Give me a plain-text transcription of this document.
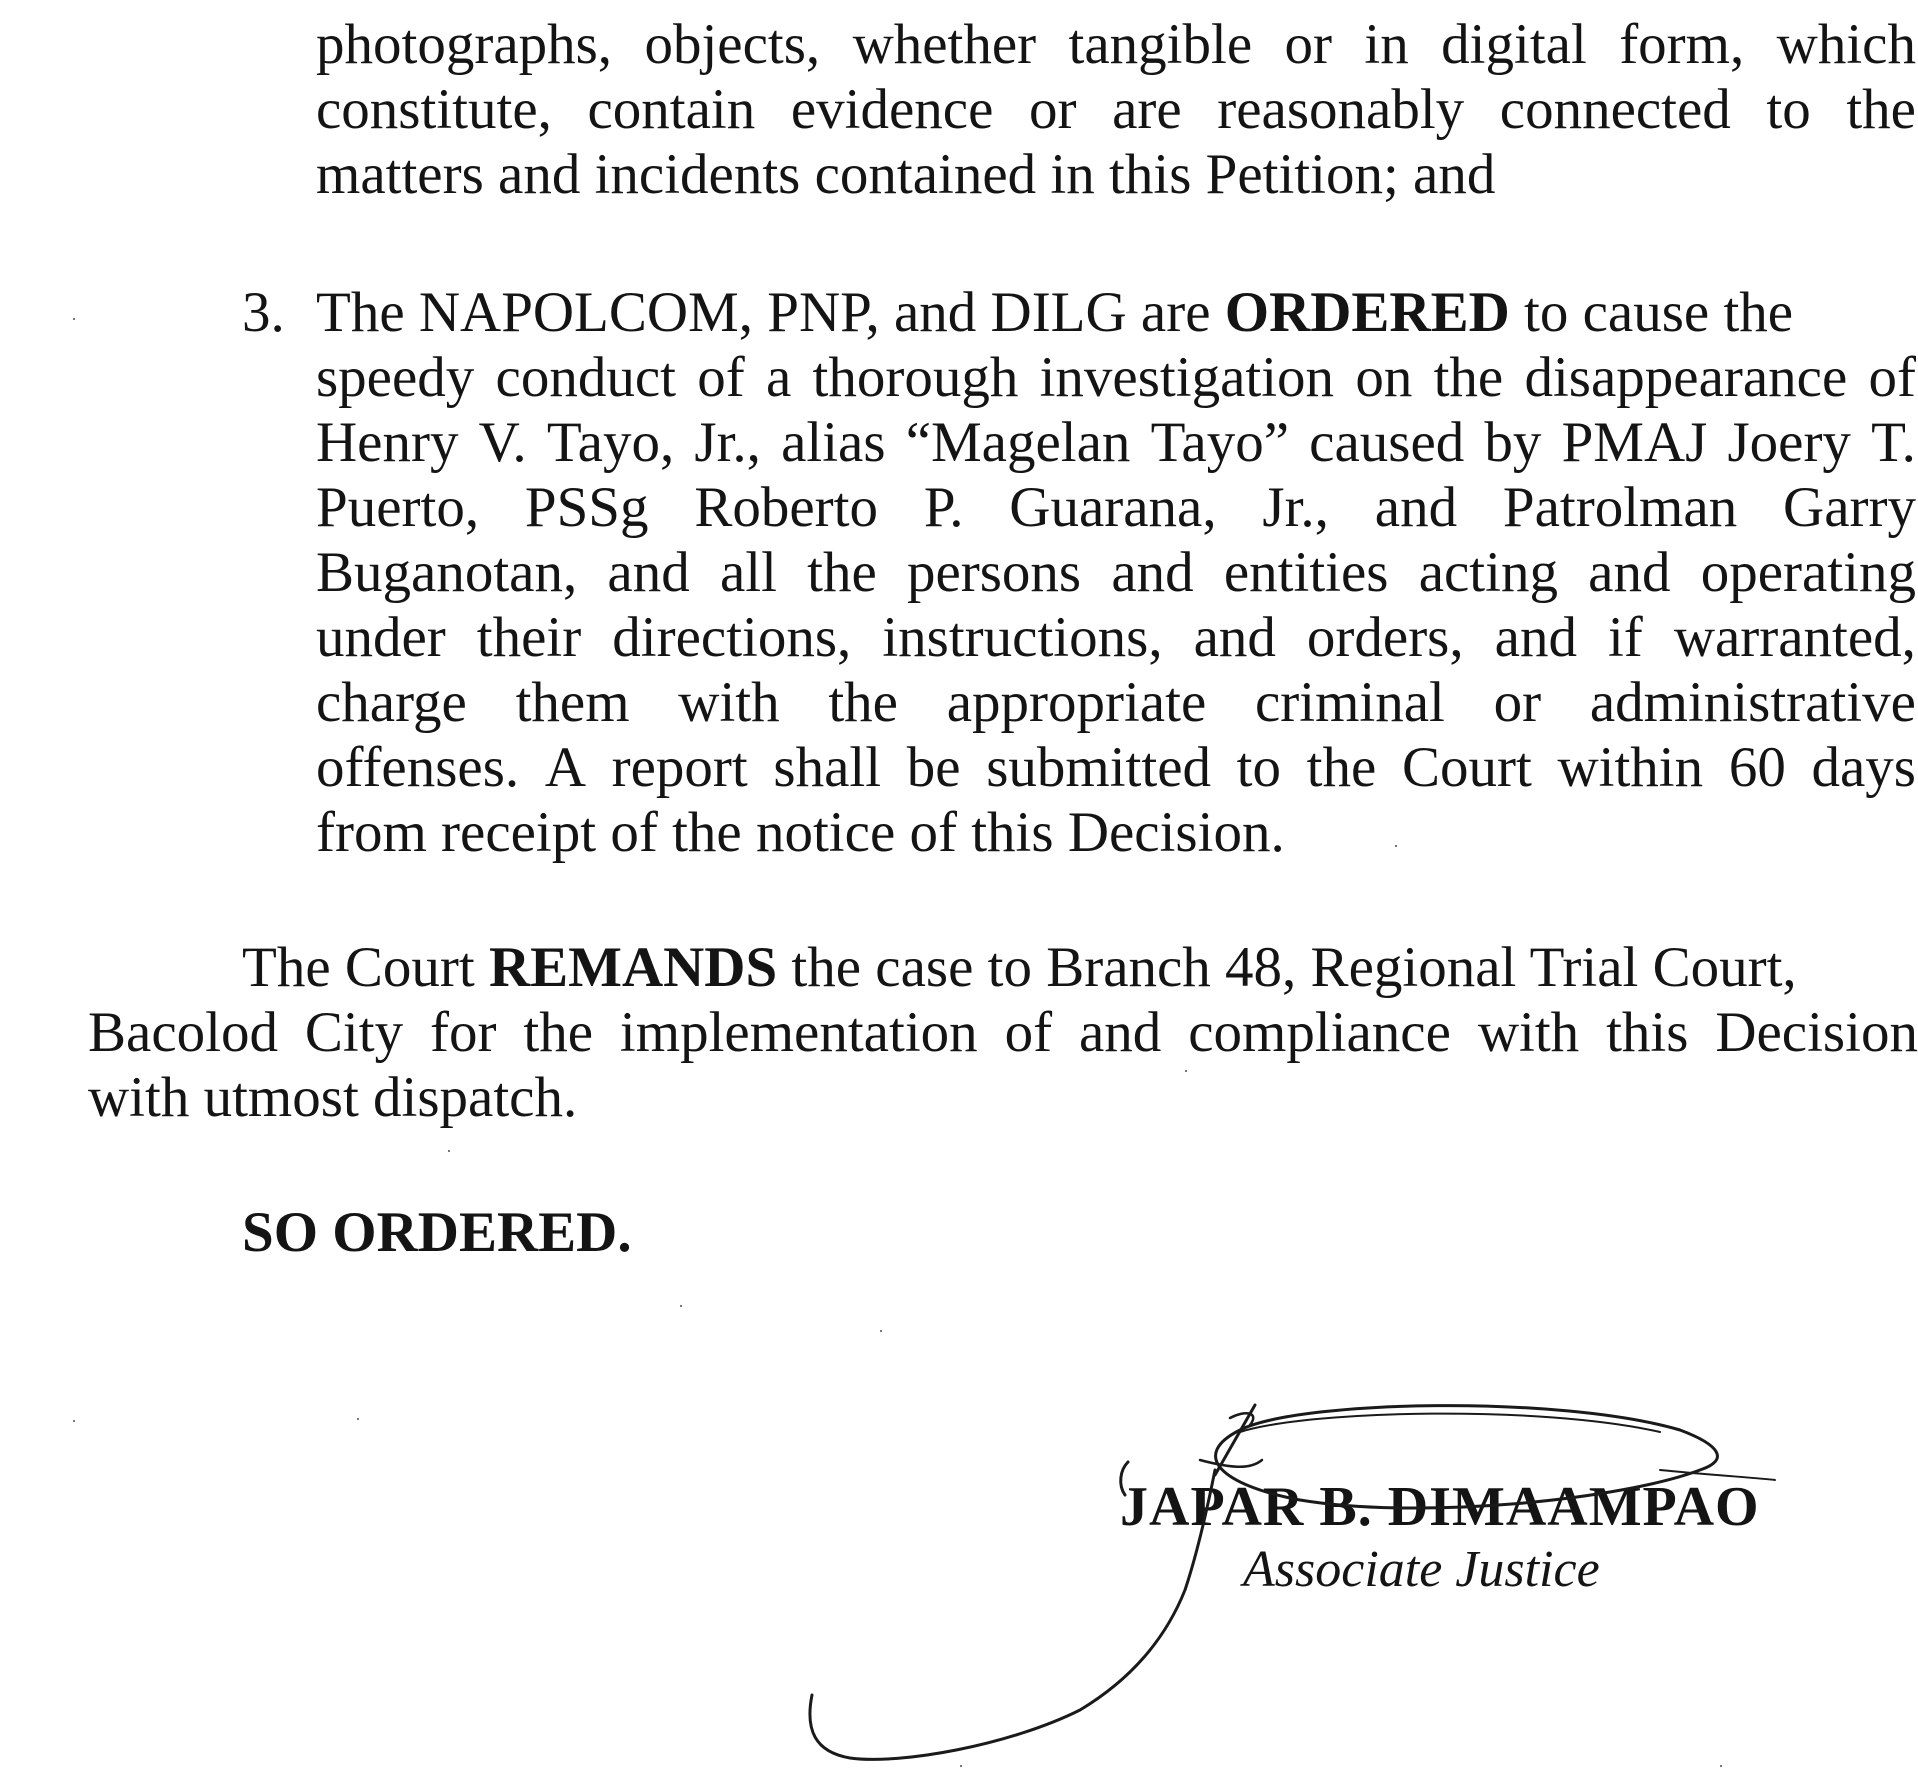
photographs, objects, whether tangible or in digital form, which
constitute, contain evidence or are reasonably connected to the
matters and incidents contained in this Petition; and
3. The NAPOLCOM, PNP, and DILG are ORDERED to cause the
speedy conduct of a thorough investigation on the disappearance of
Henry V. Tayo, Jr., alias “Magelan Tayo” caused by PMAJ Joery T.
Puerto, PSSg Roberto P. Guarana, Jr., and Patrolman Garry
Buganotan, and all the persons and entities acting and operating
under their directions, instructions, and orders, and if warranted,
charge them with the appropriate criminal or administrative
offenses. A report shall be submitted to the Court within 60 days
from receipt of the notice of this Decision.
The Court REMANDS the case to Branch 48, Regional Trial Court,
Bacolod City for the implementation of and compliance with this Decision
with utmost dispatch.
SO ORDERED.
JAPAR B. DIMAAMPAO
Associate Justice
